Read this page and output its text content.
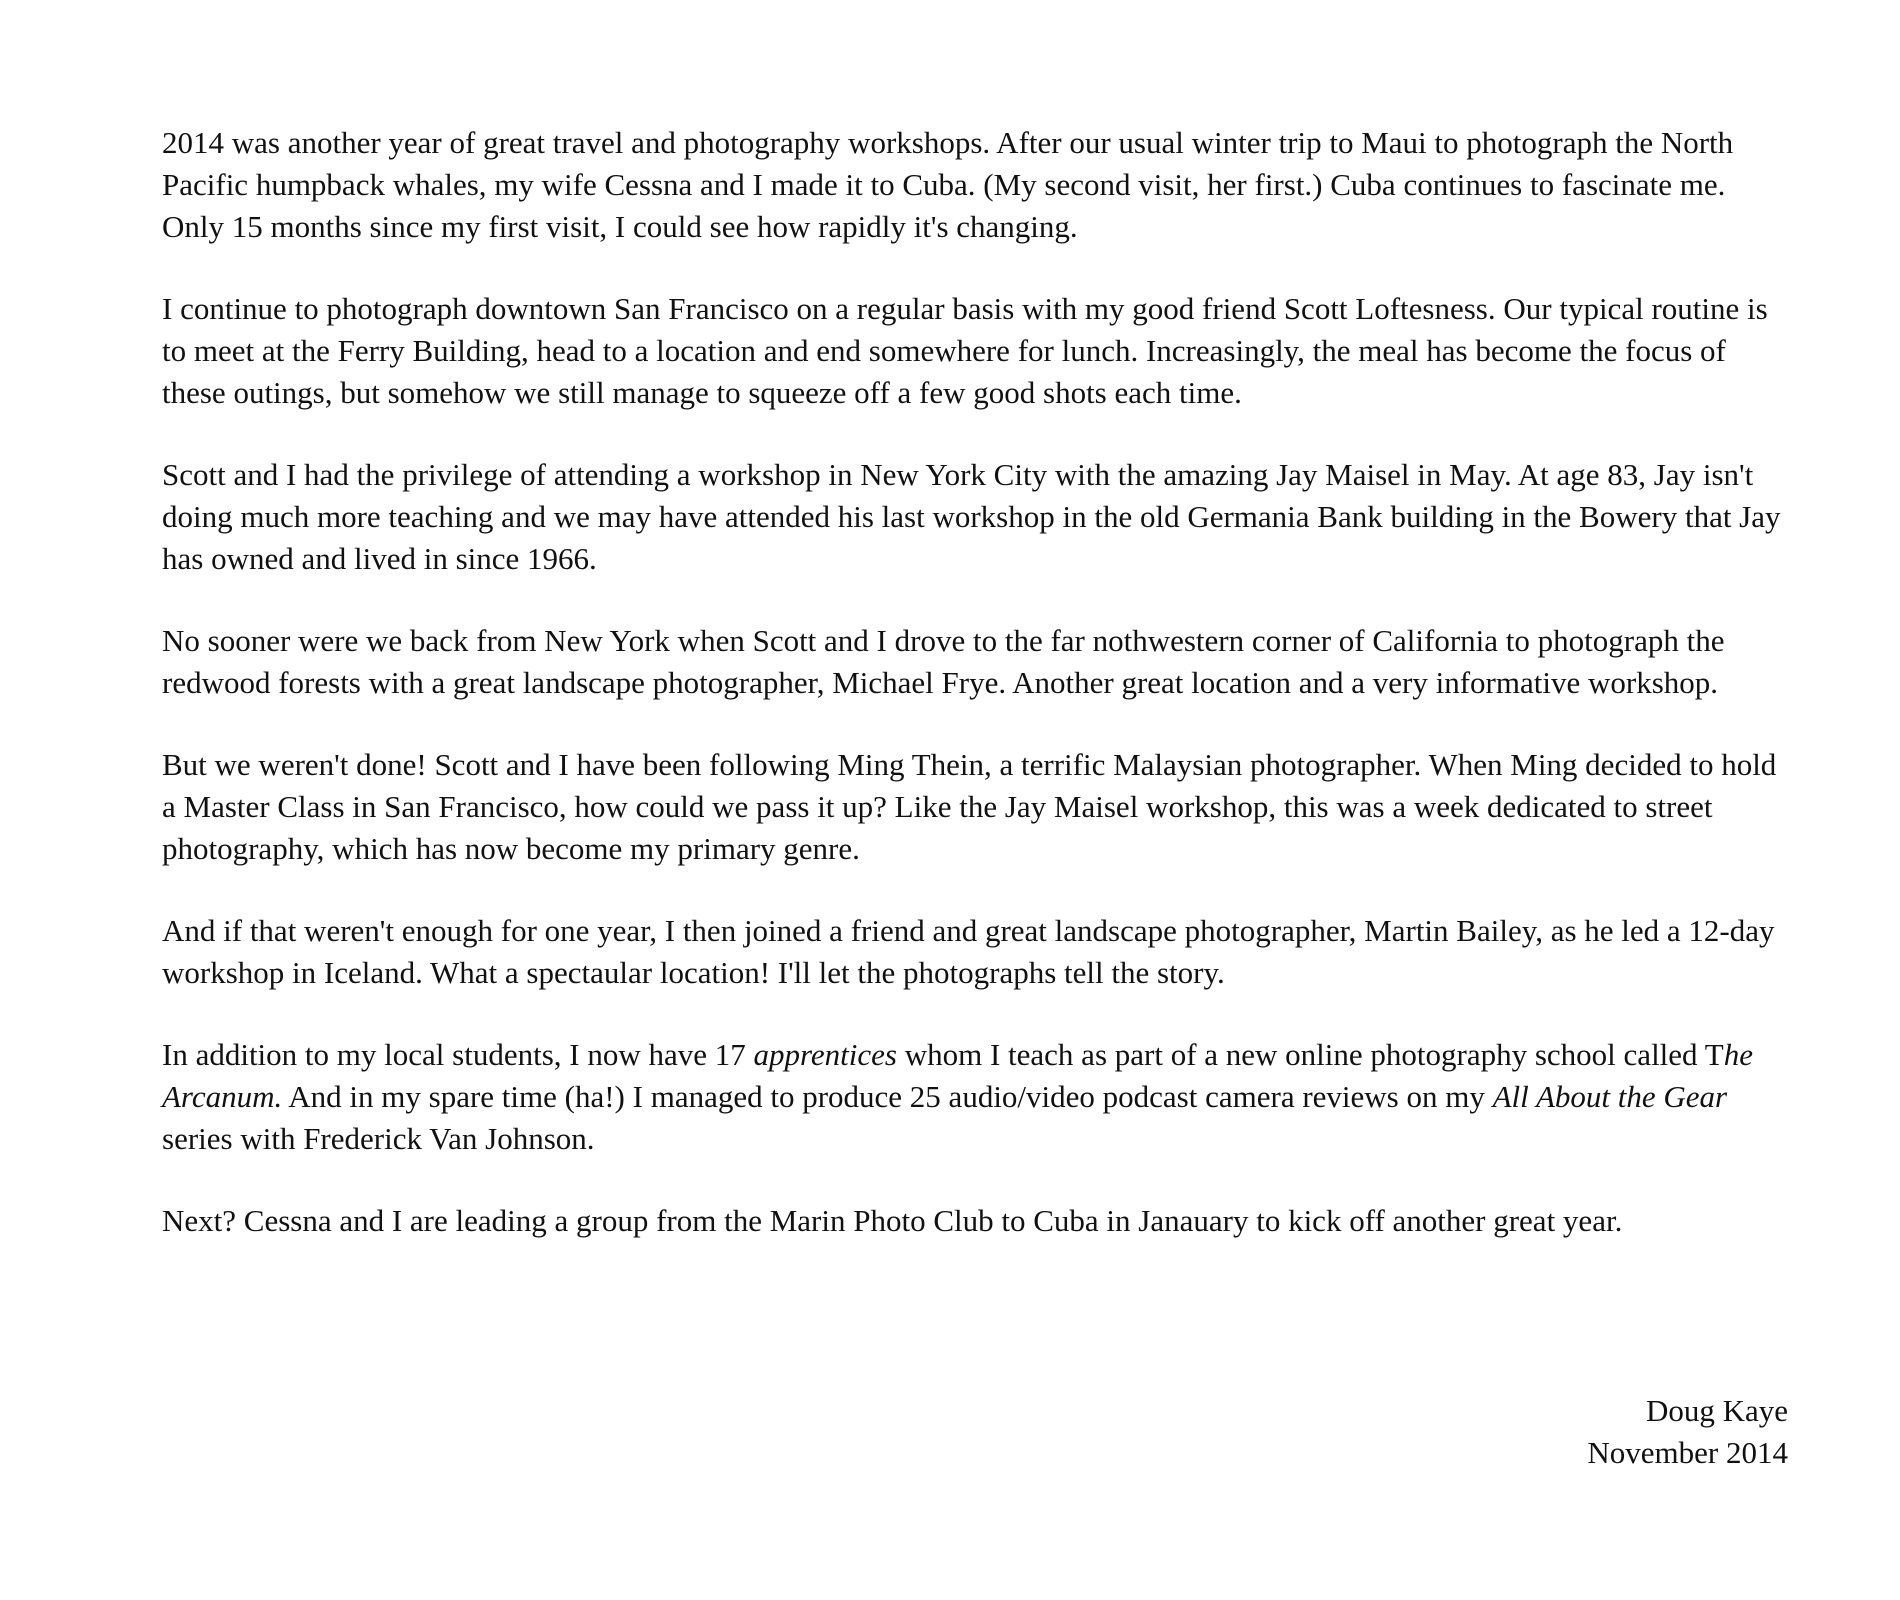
2014 was another year of great travel and photography workshops. After our usual winter trip to Maui to photograph the North Pacific humpback whales, my wife Cessna and I made it to Cuba. (My second visit, her first.) Cuba continues to fascinate me. Only 15 months since my first visit, I could see how rapidly it's changing.

I continue to photograph downtown San Francisco on a regular basis with my good friend Scott Loftesness. Our typical routine is to meet at the Ferry Building, head to a location and end somewhere for lunch. Increasingly, the meal has become the focus of these outings, but somehow we still manage to squeeze off a few good shots each time.

Scott and I had the privilege of attending a workshop in New York City with the amazing Jay Maisel in May. At age 83, Jay isn't doing much more teaching and we may have attended his last workshop in the old Germania Bank building in the Bowery that Jay has owned and lived in since 1966.

No sooner were we back from New York when Scott and I drove to the far nothwestern corner of California to photograph the redwood forests with a great landscape photographer, Michael Frye. Another great location and a very informative workshop.

But we weren't done! Scott and I have been following Ming Thein, a terrific Malaysian photographer. When Ming decided to hold a Master Class in San Francisco, how could we pass it up? Like the Jay Maisel workshop, this was a week dedicated to street photography, which has now become my primary genre.

And if that weren't enough for one year, I then joined a friend and great landscape photographer, Martin Bailey, as he led a 12-day workshop in Iceland. What a spectaular location! I'll let the photographs tell the story.

In addition to my local students, I now have 17 apprentices whom I teach as part of a new online photography school called The Arcanum. And in my spare time (ha!) I managed to produce 25 audio/video podcast camera reviews on my All About the Gear series with Frederick Van Johnson.

Next? Cessna and I are leading a group from the Marin Photo Club to Cuba in Janauary to kick off another great year.

Doug Kaye
November 2014
